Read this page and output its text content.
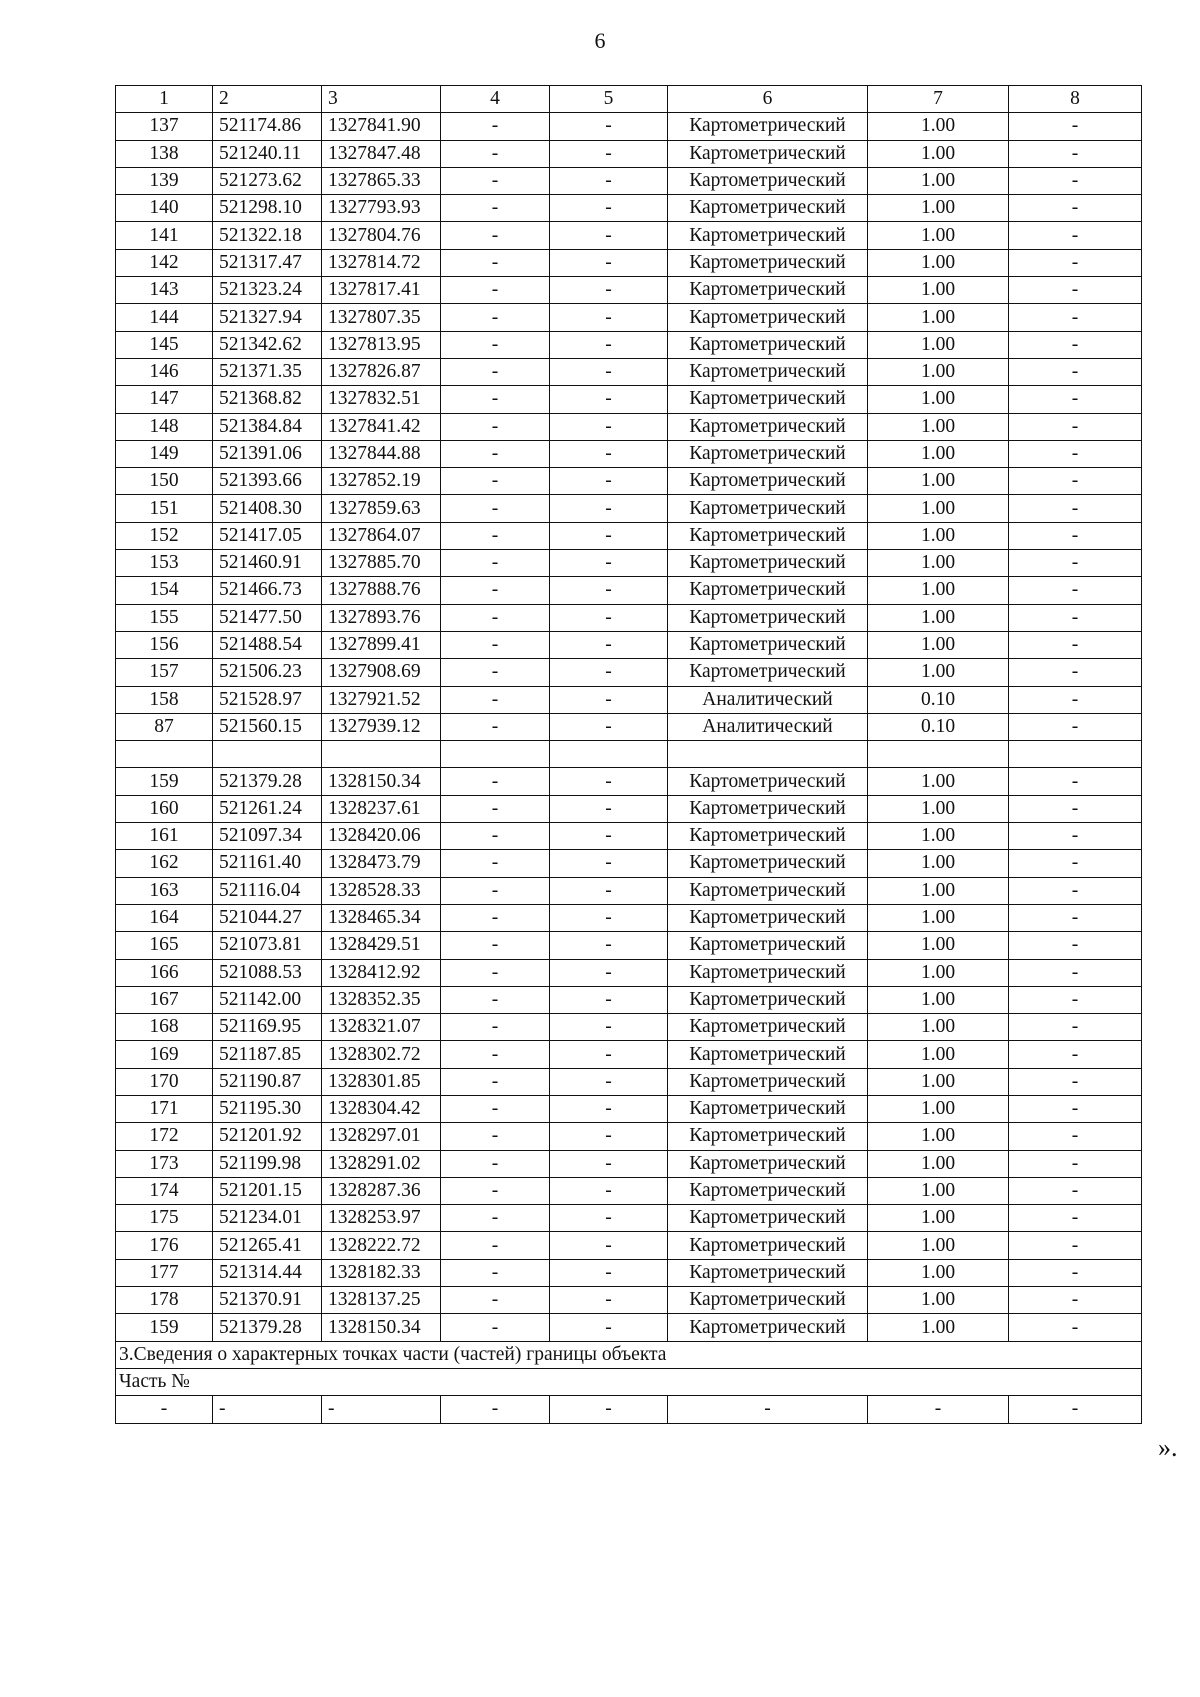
6
1	2	3	4	5	6	7	8
137	521174.86	1327841.90	-	-	Картометрический	1.00	-
138	521240.11	1327847.48	-	-	Картометрический	1.00	-
139	521273.62	1327865.33	-	-	Картометрический	1.00	-
140	521298.10	1327793.93	-	-	Картометрический	1.00	-
141	521322.18	1327804.76	-	-	Картометрический	1.00	-
142	521317.47	1327814.72	-	-	Картометрический	1.00	-
143	521323.24	1327817.41	-	-	Картометрический	1.00	-
144	521327.94	1327807.35	-	-	Картометрический	1.00	-
145	521342.62	1327813.95	-	-	Картометрический	1.00	-
146	521371.35	1327826.87	-	-	Картометрический	1.00	-
147	521368.82	1327832.51	-	-	Картометрический	1.00	-
148	521384.84	1327841.42	-	-	Картометрический	1.00	-
149	521391.06	1327844.88	-	-	Картометрический	1.00	-
150	521393.66	1327852.19	-	-	Картометрический	1.00	-
151	521408.30	1327859.63	-	-	Картометрический	1.00	-
152	521417.05	1327864.07	-	-	Картометрический	1.00	-
153	521460.91	1327885.70	-	-	Картометрический	1.00	-
154	521466.73	1327888.76	-	-	Картометрический	1.00	-
155	521477.50	1327893.76	-	-	Картометрический	1.00	-
156	521488.54	1327899.41	-	-	Картометрический	1.00	-
157	521506.23	1327908.69	-	-	Картометрический	1.00	-
158	521528.97	1327921.52	-	-	Аналитический	0.10	-
87	521560.15	1327939.12	-	-	Аналитический	0.10	-

159	521379.28	1328150.34	-	-	Картометрический	1.00	-
160	521261.24	1328237.61	-	-	Картометрический	1.00	-
161	521097.34	1328420.06	-	-	Картометрический	1.00	-
162	521161.40	1328473.79	-	-	Картометрический	1.00	-
163	521116.04	1328528.33	-	-	Картометрический	1.00	-
164	521044.27	1328465.34	-	-	Картометрический	1.00	-
165	521073.81	1328429.51	-	-	Картометрический	1.00	-
166	521088.53	1328412.92	-	-	Картометрический	1.00	-
167	521142.00	1328352.35	-	-	Картометрический	1.00	-
168	521169.95	1328321.07	-	-	Картометрический	1.00	-
169	521187.85	1328302.72	-	-	Картометрический	1.00	-
170	521190.87	1328301.85	-	-	Картометрический	1.00	-
171	521195.30	1328304.42	-	-	Картометрический	1.00	-
172	521201.92	1328297.01	-	-	Картометрический	1.00	-
173	521199.98	1328291.02	-	-	Картометрический	1.00	-
174	521201.15	1328287.36	-	-	Картометрический	1.00	-
175	521234.01	1328253.97	-	-	Картометрический	1.00	-
176	521265.41	1328222.72	-	-	Картометрический	1.00	-
177	521314.44	1328182.33	-	-	Картометрический	1.00	-
178	521370.91	1328137.25	-	-	Картометрический	1.00	-
159	521379.28	1328150.34	-	-	Картометрический	1.00	-
3.Сведения о характерных точках части (частей) границы объекта							
Часть №							
-	-	-	-	-	-	-	-
».
